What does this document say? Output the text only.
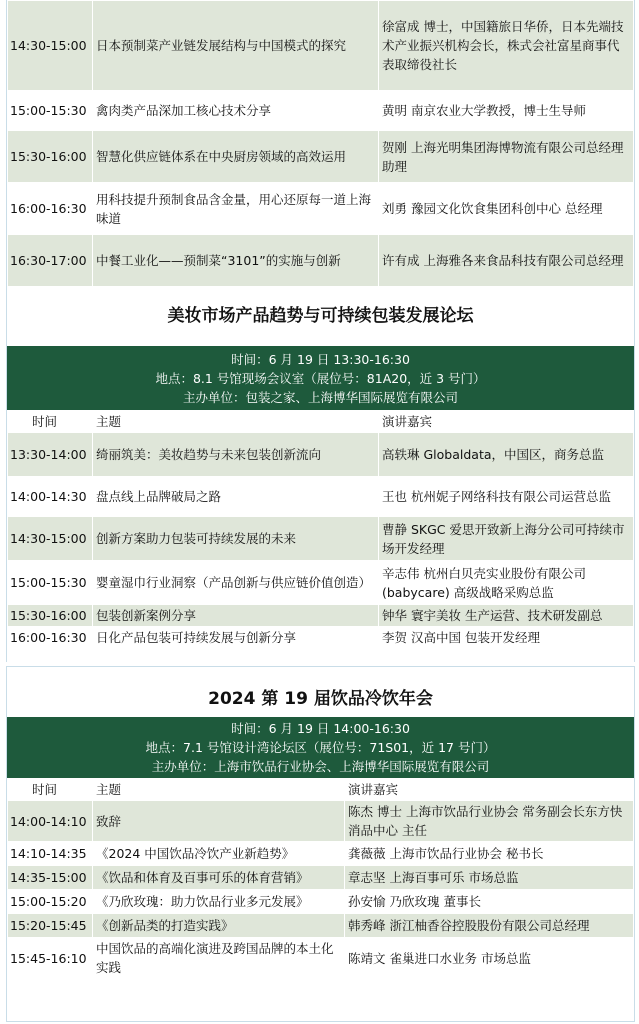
14:30-15:00	日本预制菜产业链发展结构与中国模式的探究	徐富成 博士，中国籍旅日华侨，日本先端技术产业振兴机构会长，株式会社富星商事代表取缔役社长
15:00-15:30	禽肉类产品深加工核心技术分享	黄明 南京农业大学教授，博士生导师
15:30-16:00	智慧化供应链体系在中央厨房领域的高效运用	贺刚 上海光明集团海博物流有限公司总经理助理
16:00-16:30	用科技提升预制食品含金量，用心还原每一道上海味道	刘勇 豫园文化饮食集团科创中心 总经理
16:30-17:00	中餐工业化——预制菜“3101”的实施与创新	许有成 上海雅各来食品科技有限公司总经理
美妆市场产品趋势与可持续包装发展论坛
时间：6 月 19 日 13:30-16:30
地点：8.1 号馆现场会议室（展位号：81A20，近 3 号门）
主办单位：包装之家、上海博华国际展览有限公司
时间	主题	演讲嘉宾
13:30-14:00	绮丽筑美：美妆趋势与未来包装创新流向	高轶琳 Globaldata，中国区，商务总监
14:00-14:30	盘点线上品牌破局之路	王也 杭州妮子网络科技有限公司运营总监
14:30-15:00	创新方案助力包装可持续发展的未来	曹静 SKGC 爱思开致新上海分公司可持续市场开发经理
15:00-15:30	婴童湿巾行业洞察（产品创新与供应链价值创造）	辛志伟 杭州白贝壳实业股份有限公司(babycare) 高级战略采购总监
15:30-16:00	包装创新案例分享	钟华 寰宇美妆 生产运营、技术研发副总
16:00-16:30	日化产品包装可持续发展与创新分享	李贺 汉高中国 包装开发经理
2024 第 19 届饮品冷饮年会
时间：6 月 19 日 14:00-16:30
地点：7.1 号馆设计湾论坛区（展位号：71S01，近 17 号门）
主办单位：上海市饮品行业协会、上海博华国际展览有限公司
时间	主题	演讲嘉宾
14:00-14:10	致辞	陈杰 博士 上海市饮品行业协会 常务副会长东方快消品中心 主任
14:10-14:35	《2024 中国饮品冷饮产业新趋势》	龚薇薇 上海市饮品行业协会 秘书长
14:35-15:00	《饮品和体育及百事可乐的体育营销》	章志坚 上海百事可乐 市场总监
15:00-15:20	《乃欣玫瑰：助力饮品行业多元发展》	孙安愉 乃欣玫瑰 董事长
15:20-15:45	《创新品类的打造实践》	韩秀峰 浙江柚香谷控股股份有限公司总经理
15:45-16:10	中国饮品的高端化演进及跨国品牌的本土化实践	陈靖文 雀巢进口水业务 市场总监
